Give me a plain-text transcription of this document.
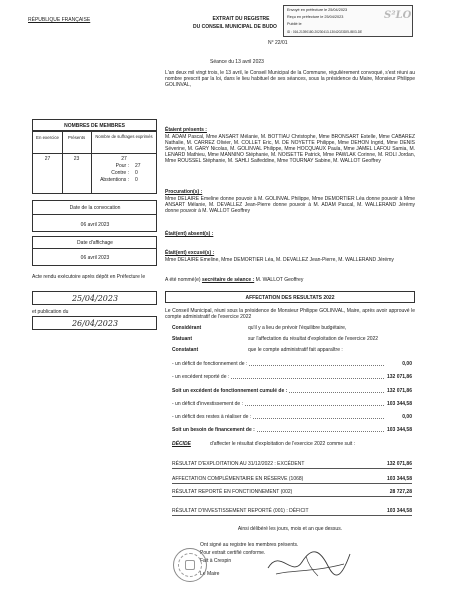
RÉPUBLIQUE FRANÇAISE	EXTRAIT DU REGISTRE
DU CONSEIL MUNICIPAL DE BUDO
N° 22/01
Séance du 13 avril 2023
Envoyé en préfecture le 25/04/2023
Reçu en préfecture le 25/04/2023
Publié le
ID : 016-21390180-20230413-13042023DELIB03-DE
S²LO
L'an deux mil vingt trois, le 13 avril, le Conseil Municipal de la Commune, régulièrement convoqué, s'est réuni au nombre prescrit par la loi, dans le lieu habituel de ses séances, sous la présidence du Maire, Monsieur Philippe GOLINVAL,
NOMBRES DE MEMBRES
En exercice	Présents	Nombre de suffrages exprimés
27	23	27
Pour : 27
Contre : 0
Abstentions : 0
Date de la convocation
06 avril 2023
Date d'affichage
06 avril 2023
Étaient présents :
M. ADAM Pascal, Mme ANSART Mélanie, M. BOTTIAU Christophe, Mme BRONSART Estelle, Mme CABAREZ Nathalie, M. CARREZ Olivier, M. COLLET Eric, M. DE NOYETTE Philippe, Mme DEHON Ingrid, Mme DENIS Séverine, M. GARY Nicolas, M. GOLINVAL Philippe, Mme HOCQUAUX Paula, Mme JAMEL LAFOU Samia, M. LENARD Mathieu, Mme MANNINO Stéphanie, M. NOISETTE Patrick, Mme PAWLAK Corinne, M. ROLI Jordan, Mme ROUSSEL Stéphanie, M. SAHLI Saifeddine, Mme TOURNAY Sabine, M. WALLOT Geoffrey
Procuration(s) :
Mme DELAIRE Emeline donne pouvoir à M. GOLINVAL Philippe, Mme DEMORTIER Léa donne pouvoir à Mme ANSART Mélanie, M. DEVALLEZ Jean-Pierre donne pouvoir à M. ADAM Pascal, M. WALLERAND Jérémy donne pouvoir à M. WALLOT Geoffrey
Était(ent) absent(s) :
Était(ent) excusé(s) :
Mme DELAIRE Emeline, Mme DEMORTIER Léa, M. DEVALLEZ Jean-Pierre, M. WALLERAND Jérémy
A été nommé(e) secrétaire de séance : M. WALLOT Geoffrey
Acte rendu exécutoire après dépôt en Préfecture le
25/04/2023
et publication du
26/04/2023
AFFECTATION DES RESULTATS 2022
Le Conseil Municipal, réuni sous la présidence de Monsieur Philippe GOLINVAL, Maire, après avoir approuvé le compte administratif de l'exercice 2022
Considérant	qu'il y a lieu de prévoir l'équilibre budgétaire,
Statuant	sur l'affectation du résultat d'exploitation de l'exercice 2022
Constatant	que le compte administratif fait apparaître :
- un déficit de fonctionnement de :	0,00
- un excédent reporté de :	132 071,86
Soit un excédent de fonctionnement cumulé de :	132 071,86
- un déficit d'investissement de :	103 344,58
- un déficit des restes à réaliser de :	0,00
Soit un besoin de financement de :	103 344,58
DÉCIDE	d'affecter le résultat d'exploitation de l'exercice 2022 comme suit :
RÉSULTAT D'EXPLOITATION AU 31/12/2022 : EXCÉDENT	132 071,86
AFFECTATION COMPLÉMENTAIRE EN RÉSERVE (1068)	103 344,58
RÉSULTAT REPORTÉ EN FONCTIONNEMENT (002)	28 727,28
RÉSULTAT D'INVESTISSEMENT REPORTÉ (001) : DÉFICIT	103 344,58
Ainsi délibéré les jours, mois et an que dessus.
Ont signé au registre les membres présents.
Pour extrait certifié conforme.
Fait à Crespin
Le Maire
